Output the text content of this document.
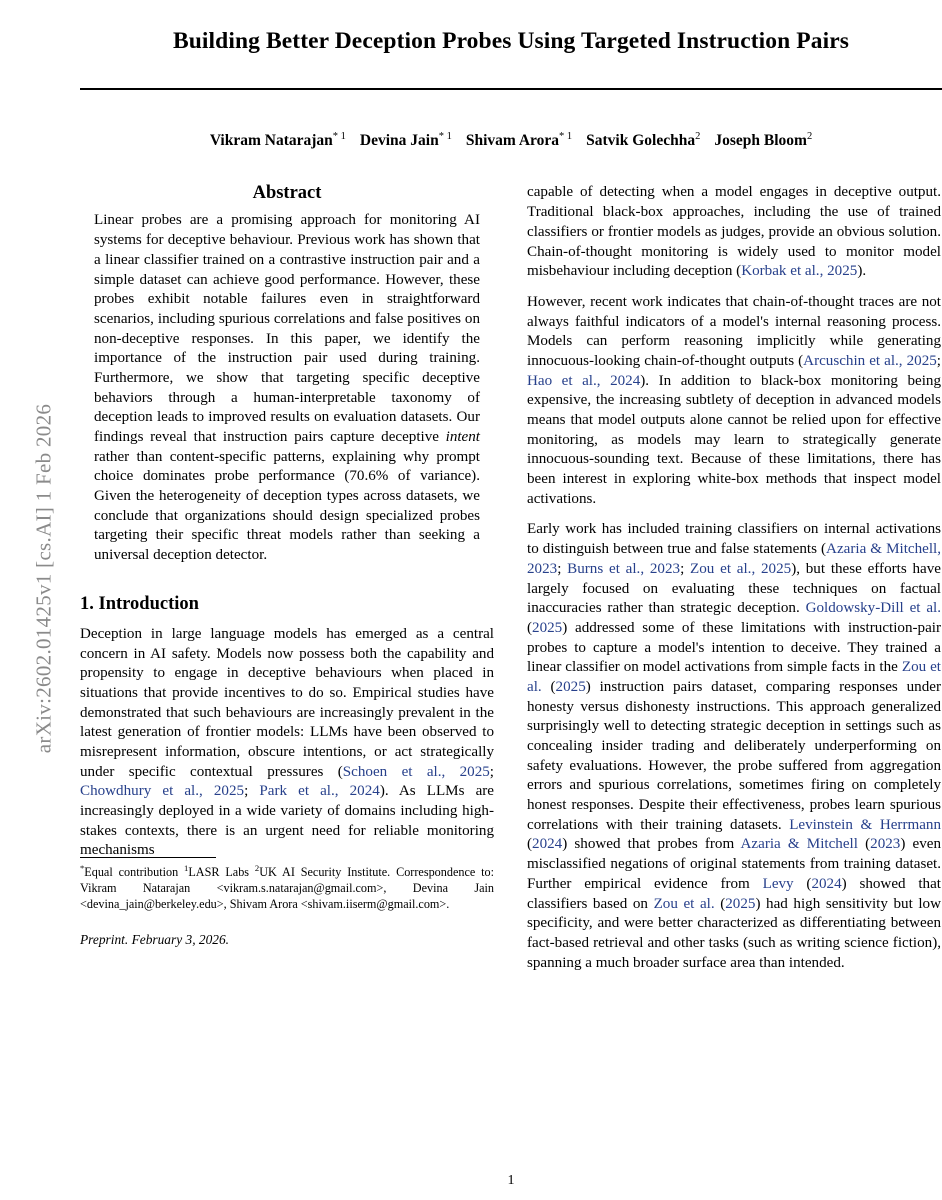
arXiv:2602.01425v1 [cs.AI] 1 Feb 2026
Building Better Deception Probes Using Targeted Instruction Pairs
Vikram Natarajan$^{* 1}$ Devina Jain$^{* 1}$ Shivam Arora$^{* 1}$ Satvik Golechha$^2$ Joseph Bloom$^2$
Abstract
Linear probes are a promising approach for monitoring AI systems for deceptive behaviour. Previous work has shown that a linear classifier trained on a contrastive instruction pair and a simple dataset can achieve good performance. However, these probes exhibit notable failures even in straightforward scenarios, including spurious correlations and false positives on non-deceptive responses. In this paper, we identify the importance of the instruction pair used during training. Furthermore, we show that targeting specific deceptive behaviors through a human-interpretable taxonomy of deception leads to improved results on evaluation datasets. Our findings reveal that instruction pairs capture deceptive intent rather than content-specific patterns, explaining why prompt choice dominates probe performance (70.6% of variance). Given the heterogeneity of deception types across datasets, we conclude that organizations should design specialized probes targeting their specific threat models rather than seeking a universal deception detector.
1. Introduction

Deception in large language models has emerged as a central concern in AI safety. Models now possess both the capability and propensity to engage in deceptive behaviours when placed in situations that provide incentives to do so. Empirical studies have demonstrated that such behaviours are increasingly prevalent in the latest generation of frontier models: LLMs have been observed to misrepresent information, obscure intentions, or act strategically under specific contextual pressures (Schoen et al., 2025; Chowdhury et al., 2025; Park et al., 2024). As LLMs are increasingly deployed in a wide variety of domains including high-stakes contexts, there is an urgent need for reliable monitoring mechanisms

*Equal contribution $^1$LASR Labs $^2$UK AI Security Institute. Correspondence to: Vikram Natarajan <vikram.s.natarajan@gmail.com>, Devina Jain <devina_jain@berkeley.edu>, Shivam Arora <shivam.iiserm@gmail.com>.

Preprint. February 3, 2026.

capable of detecting when a model engages in deceptive output. Traditional black-box approaches, including the use of trained classifiers or frontier models as judges, provide an obvious solution. Chain-of-thought monitoring is widely used to monitor model misbehaviour including deception (Korbak et al., 2025).

However, recent work indicates that chain-of-thought traces are not always faithful indicators of a model's internal reasoning process. Models can perform reasoning implicitly while generating innocuous-looking chain-of-thought outputs (Arcuschin et al., 2025; Hao et al., 2024). In addition to black-box monitoring being expensive, the increasing subtlety of deception in advanced models means that model outputs alone cannot be relied upon for effective monitoring, as models may learn to strategically generate innocuous-sounding text. Because of these limitations, there has been interest in exploring white-box methods that inspect model activations.

Early work has included training classifiers on internal activations to distinguish between true and false statements (Azaria & Mitchell, 2023; Burns et al., 2023; Zou et al., 2025), but these efforts have largely focused on evaluating these techniques on factual inaccuracies rather than strategic deception. Goldowsky-Dill et al. (2025) addressed some of these limitations with instruction-pair probes to capture a model's intention to deceive. They trained a linear classifier on model activations from simple facts in the Zou et al. (2025) instruction pairs dataset, comparing responses under honesty versus dishonesty instructions. This approach generalized surprisingly well to detecting strategic deception in settings such as concealing insider trading and deliberately underperforming on safety evaluations. However, the probe suffered from aggregation errors and spurious correlations, sometimes firing on completely honest responses. Despite their effectiveness, probes learn spurious correlations with their training datasets. Levinstein & Herrmann (2024) showed that probes from Azaria & Mitchell (2023) even misclassified negations of original statements from training dataset. Further empirical evidence from Levy (2024) showed that classifiers based on Zou et al. (2025) had high sensitivity but low specificity, and were better characterized as differentiating between fact-based retrieval and other tasks (such as writing science fiction), spanning a much broader surface area than intended.

1
